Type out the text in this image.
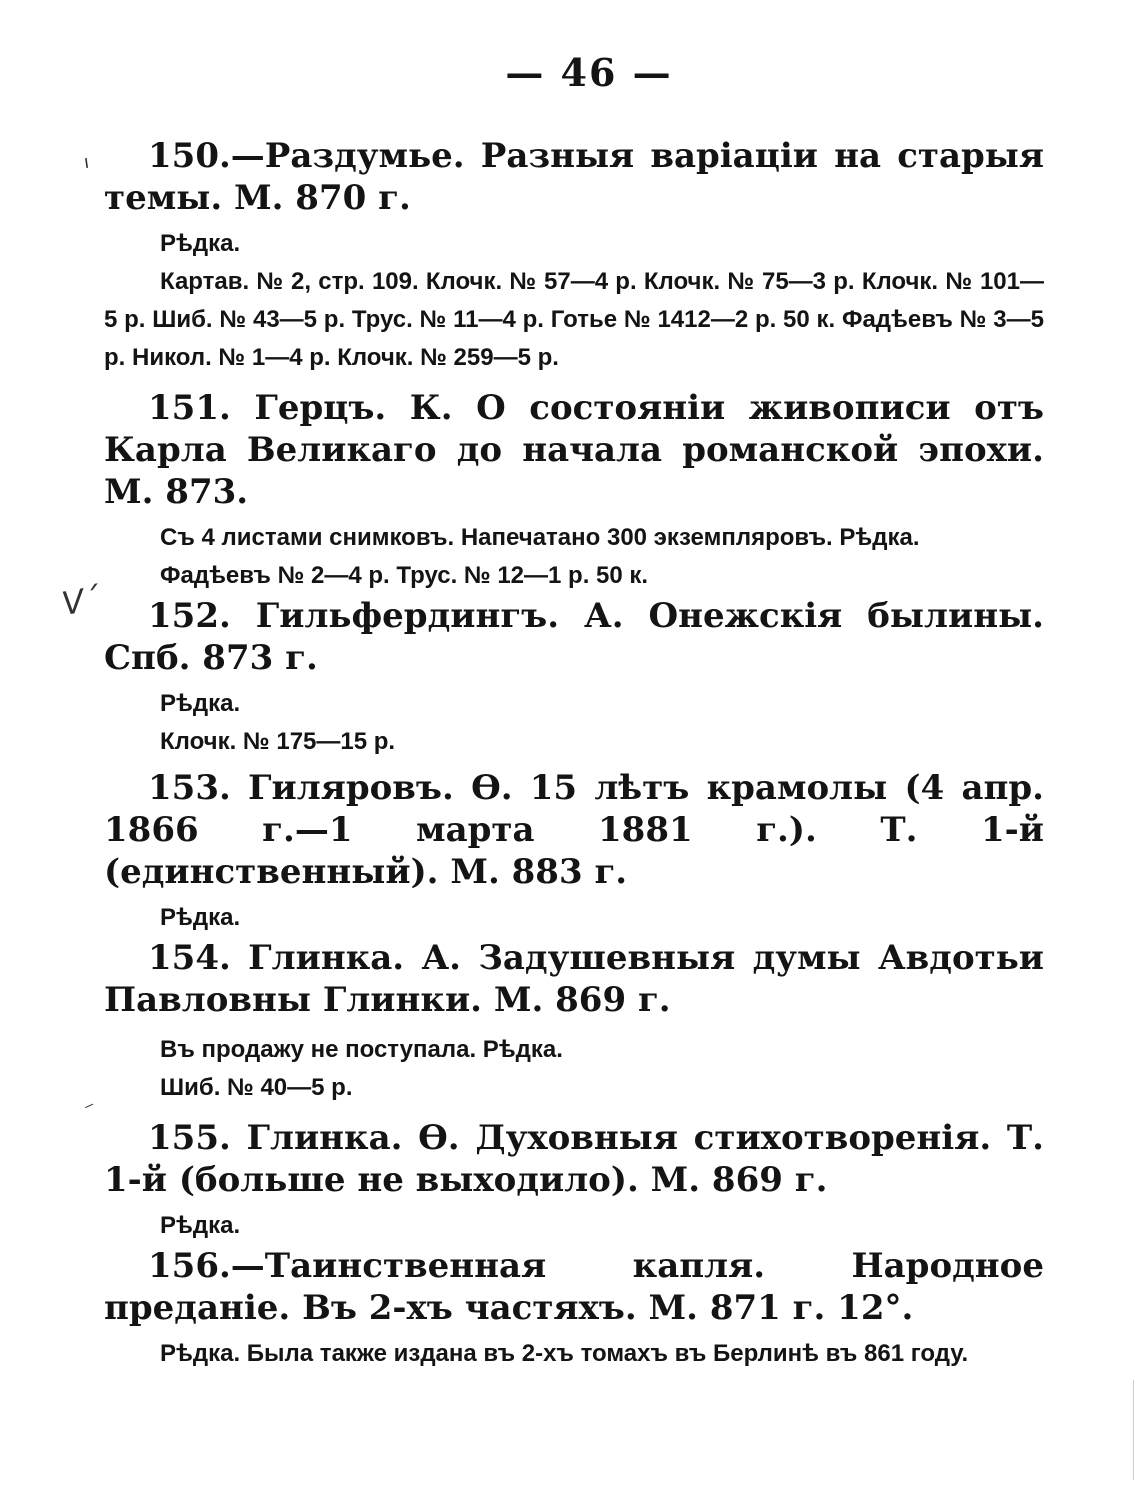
ı
V´
⸝
— 46 —

150.—Раздумье. Разныя варіаціи на старыя темы. М. 870 г.

Рѣдка.

Картав. № 2, стр. 109. Клочк. № 57—4 р. Клочк. № 75—3 р. Клочк. № 101—5 р. Шиб. № 43—5 р. Трус. № 11—4 р. Готье № 1412—2 р. 50 к. Фадѣевъ № 3—5 р. Никол. № 1—4 р. Клочк. № 259—5 р.

151. Герцъ. К. О состояніи живописи отъ Карла Великаго до начала романской эпохи. М. 873.

Съ 4 листами снимковъ. Напечатано 300 экземпляровъ. Рѣдка.

Фадѣевъ № 2—4 р. Трус. № 12—1 р. 50 к.

152. Гильфердингъ. А. Онежскія былины. Спб. 873 г.

Рѣдка.

Клочк. № 175—15 р.

153. Гиляровъ. Ѳ. 15 лѣтъ крамолы (4 апр. 1866 г.—1 марта 1881 г.). Т. 1-й (единственный). М. 883 г.

Рѣдка.

154. Глинка. А. Задушевныя думы Авдотьи Павловны Глинки. М. 869 г.

Въ продажу не поступала. Рѣдка.

Шиб. № 40—5 р.

155. Глинка. Ѳ. Духовныя стихотворенія. Т. 1-й (больше не выходило). М. 869 г.

Рѣдка.

156.—Таинственная капля. Народное преданіе. Въ 2-хъ частяхъ. М. 871 г. 12°.

Рѣдка. Была также издана въ 2-хъ томахъ въ Берлинѣ въ 861 году.
